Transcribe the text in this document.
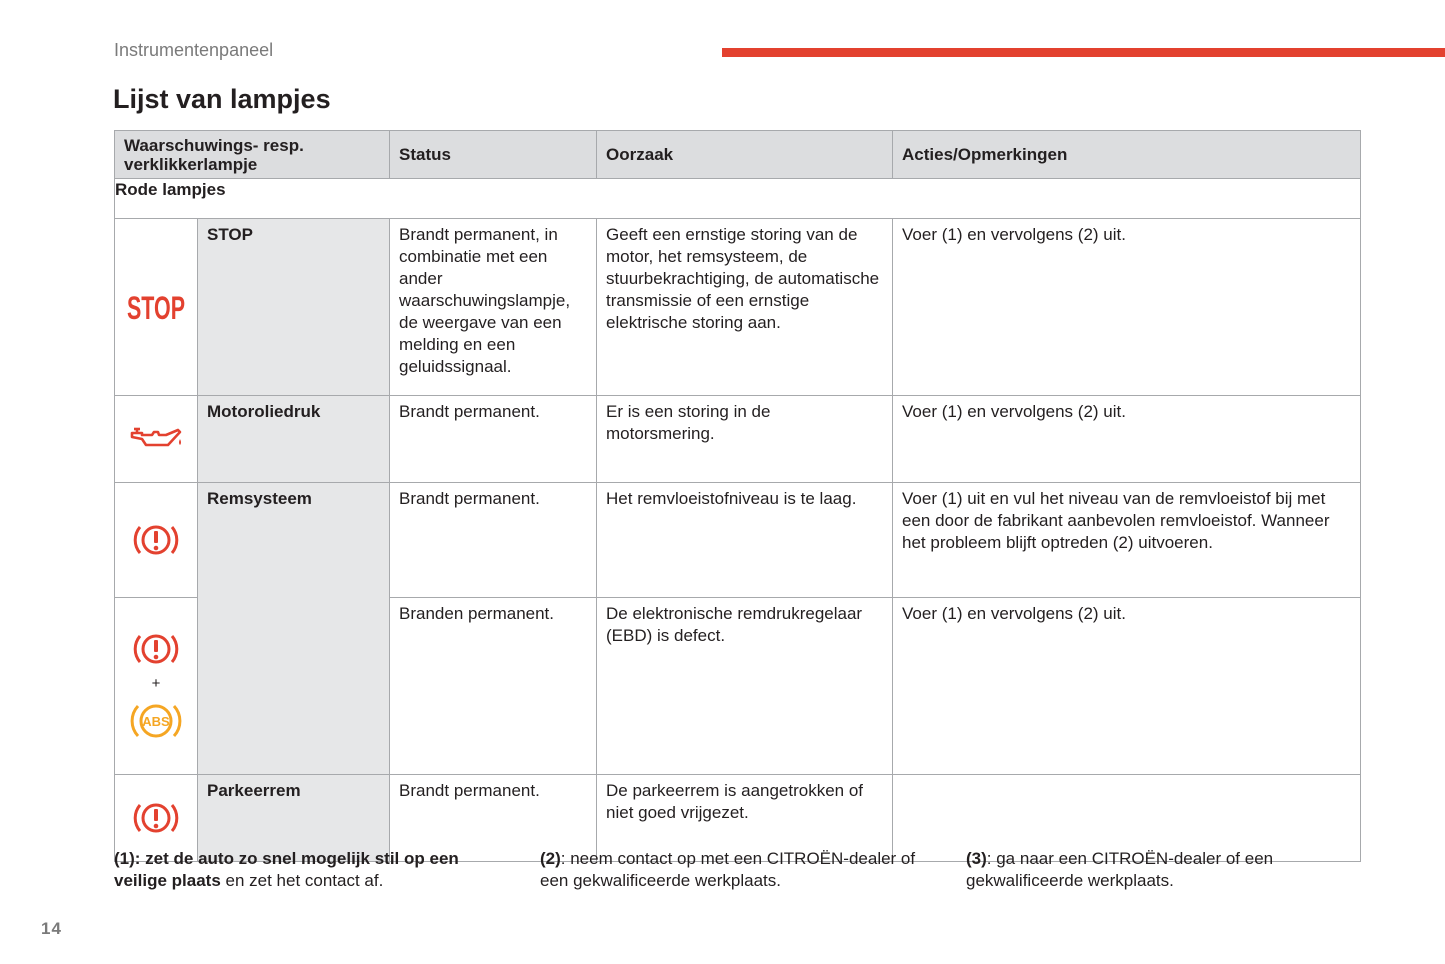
Instrumentenpaneel
Lijst van lampjes
Waarschuwings- resp. verklikkerlampje		Status	Oorzaak	Acties/Opmerkingen
Rode lampjes				

STOP	STOP	Brandt permanent, in combinatie met een ander waarschuwingslampje, de weergave van een melding en een geluidssignaal.	Geeft een ernstige storing van de motor, het remsysteem, de stuurbekrachtiging, de automatische transmissie of een ernstige elektrische storing aan.	Voer (1) en vervolgens (2) uit.

	Motoroliedruk	Brandt permanent.	Er is een storing in de motorsmering.	Voer (1) en vervolgens (2) uit.

	Remsysteem	Brandt permanent.	Het remvloeistofniveau is te laag.	Voer (1) uit en vul het niveau van de remvloeistof bij met een door de fabrikant aanbevolen remvloeistof. Wanneer het probleem blijft optreden (2) uitvoeren.

+
ABS		Branden permanent.	De elektronische remdrukregelaar (EBD) is defect.	Voer (1) en vervolgens (2) uit.

	Parkeerrem	Brandt permanent.	De parkeerrem is aangetrokken of niet goed vrijgezet.	
(1): zet de auto zo snel mogelijk stil op een veilige plaats en zet het contact af.
(2): neem contact op met een CITROËN-dealer of een gekwalificeerde werkplaats.
(3): ga naar een CITROËN-dealer of een gekwalificeerde werkplaats.
14
